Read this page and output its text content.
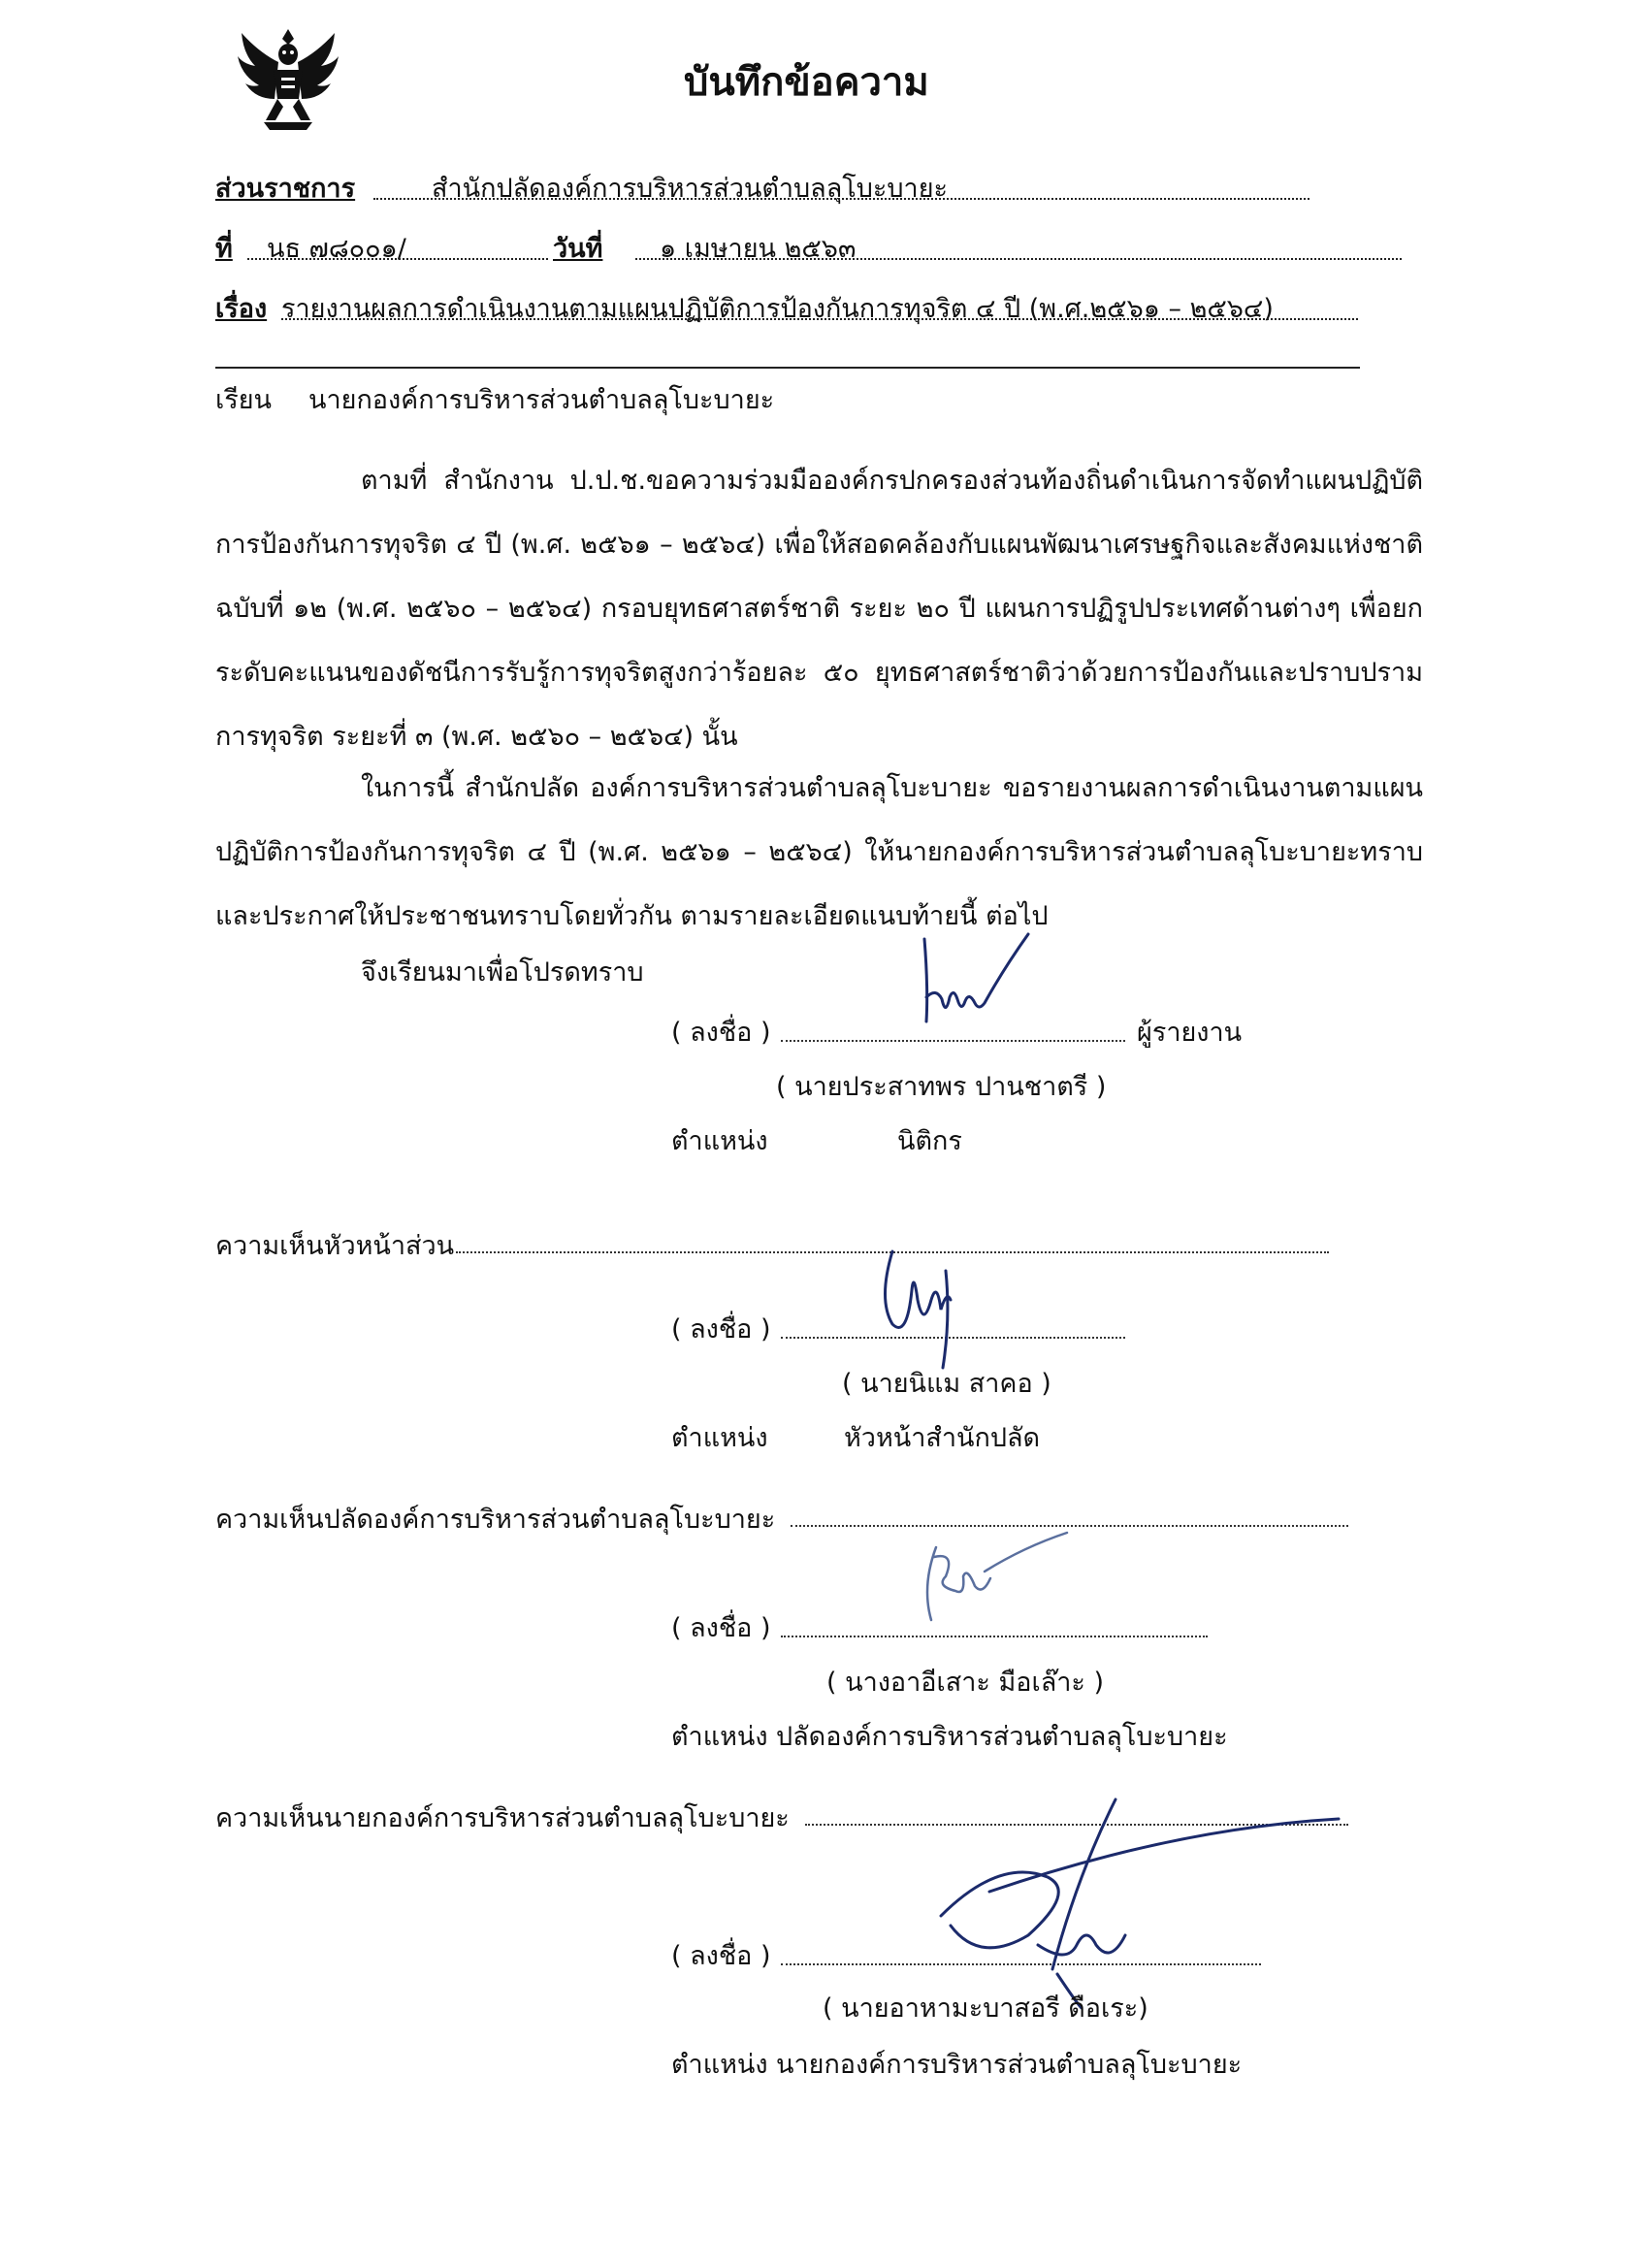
บันทึกข้อความ
ส่วนราชการ	สำนักปลัดองค์การบริหารส่วนตำบลลุโบะบายะ
ที่ นธ ๗๘๐๐๑/	วันที่ ๑ เมษายน ๒๕๖๓
เรื่อง รายงานผลการดำเนินงานตามแผนปฏิบัติการป้องกันการทุจริต ๔ ปี (พ.ศ.๒๕๖๑ – ๒๕๖๔)
เรียน นายกองค์การบริหารส่วนตำบลลุโบะบายะ
ตามที่ สำนักงาน ป.ป.ช.ขอความร่วมมือองค์กรปกครองส่วนท้องถิ่นดำเนินการจัดทำแผนปฏิบัติการป้องกันการทุจริต ๔ ปี (พ.ศ. ๒๕๖๑ – ๒๕๖๔) เพื่อให้สอดคล้องกับแผนพัฒนาเศรษฐกิจและสังคมแห่งชาติ ฉบับที่ ๑๒ (พ.ศ. ๒๕๖๐ – ๒๕๖๔) กรอบยุทธศาสตร์ชาติ ระยะ ๒๐ ปี แผนการปฏิรูปประเทศด้านต่างๆ เพื่อยกระดับคะแนนของดัชนีการรับรู้การทุจริตสูงกว่าร้อยละ ๕๐ ยุทธศาสตร์ชาติว่าด้วยการป้องกันและปราบปรามการทุจริต ระยะที่ ๓ (พ.ศ. ๒๕๖๐ – ๒๕๖๔) นั้น
ในการนี้ สำนักปลัด องค์การบริหารส่วนตำบลลุโบะบายะ ขอรายงานผลการดำเนินงานตามแผนปฏิบัติการป้องกันการทุจริต ๔ ปี (พ.ศ. ๒๕๖๑ – ๒๕๖๔) ให้นายกองค์การบริหารส่วนตำบลลุโบะบายะทราบ และประกาศให้ประชาชนทราบโดยทั่วกัน ตามรายละเอียดแนบท้ายนี้ ต่อไป
จึงเรียนมาเพื่อโปรดทราบ
( ลงชื่อ )	ผู้รายงาน
( นายประสาทพร ปานชาตรี )
ตำแหน่ง	นิติกร
ความเห็นหัวหน้าส่วน
( ลงชื่อ )
( นายนิแม สาคอ )
ตำแหน่ง	หัวหน้าสำนักปลัด
ความเห็นปลัดองค์การบริหารส่วนตำบลลุโบะบายะ
( ลงชื่อ )
( นางอาอีเสาะ มือเล๊าะ )
ตำแหน่ง ปลัดองค์การบริหารส่วนตำบลลุโบะบายะ
ความเห็นนายกองค์การบริหารส่วนตำบลลุโบะบายะ
( ลงชื่อ )
( นายอาหามะบาสอรี ดือเระ)
ตำแหน่ง นายกองค์การบริหารส่วนตำบลลุโบะบายะ
